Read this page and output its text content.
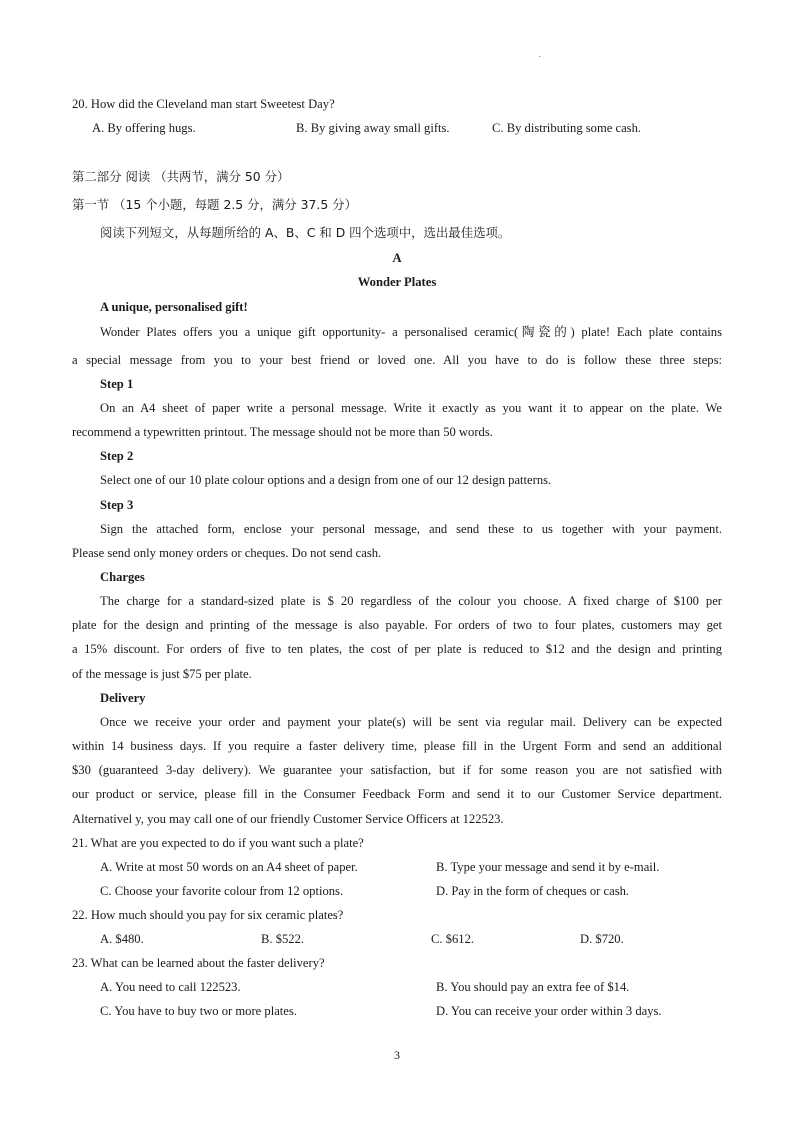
·
20. How did the Cleveland man start Sweetest Day?
A. By offering hugs.	B. By giving away small gifts.	C. By distributing some cash.
第二部分 阅读 （共两节，满分 50 分）
第一节 （15 个小题，每题 2.5 分，满分 37.5 分）
阅读下列短文，从每题所给的 A、B、C 和 D 四个选项中，选出最佳选项。
A
Wonder Plates
A unique, personalised gift!
Wonder Plates offers you a unique gift opportunity- a personalised ceramic(陶瓷的) plate! Each plate contains
a special message from you to your best friend or loved one. All you have to do is follow these three steps:
Step 1
On an A4 sheet of paper write a personal message. Write it exactly as you want it to appear on the plate. We
recommend a typewritten printout. The message should not be more than 50 words.
Step 2
Select one of our 10 plate colour options and a design from one of our 12 design patterns.
Step 3
Sign the attached form, enclose your personal message, and send these to us together with your payment.
Please send only money orders or cheques. Do not send cash.
Charges
The charge for a standard-sized plate is $ 20 regardless of the colour you choose. A fixed charge of $100 per
plate for the design and printing of the message is also payable. For orders of two to four plates, customers may get
a 15% discount. For orders of five to ten plates, the cost of per plate is reduced to $12 and the design and printing
of the message is just $75 per plate.
Delivery
Once we receive your order and payment your plate(s) will be sent via regular mail. Delivery can be expected
within 14 business days. If you require a faster delivery time, please fill in the Urgent Form and send an additional
$30 (guaranteed 3-day delivery). We guarantee your satisfaction, but if for some reason you are not satisfied with
our product or service, please fill in the Consumer Feedback Form and send it to our Customer Service department.
Alternativel y, you may call one of our friendly Customer Service Officers at 122523.
21. What are you expected to do if you want such a plate?
A. Write at most 50 words on an A4 sheet of paper.	B. Type your message and send it by e-mail.
C. Choose your favorite colour from 12 options.	D. Pay in the form of cheques or cash.
22. How much should you pay for six ceramic plates?
A. $480.	B. $522.	C. $612.	D. $720.
23. What can be learned about the faster delivery?
A. You need to call 122523.	B. You should pay an extra fee of $14.
C. You have to buy two or more plates.	D. You can receive your order within 3 days.
3
